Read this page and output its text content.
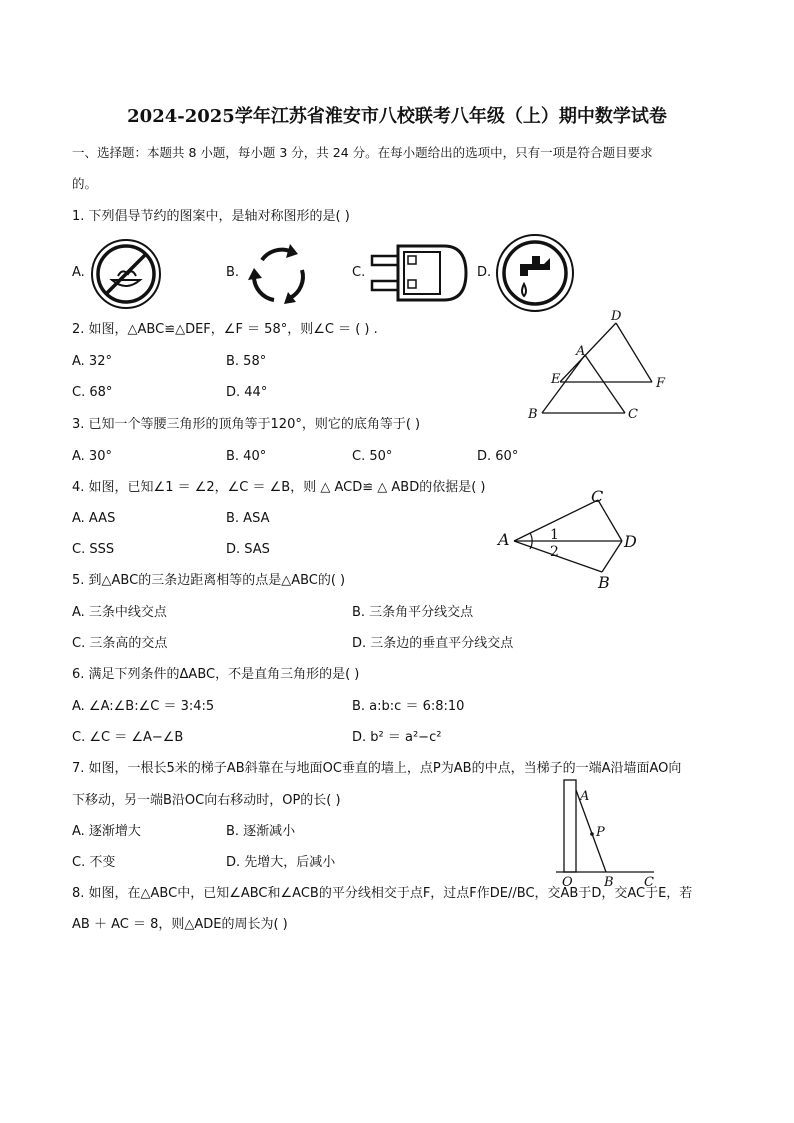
2024-2025学年江苏省淮安市八校联考八年级（上）期中数学试卷
一、选择题：本题共 8 小题，每小题 3 分，共 24 分。在每小题给出的选项中，只有一项是符合题目要求
的。
1. 下列倡导节约的图案中，是轴对称图形的是( )
A.	B.	C.	D.
2. 如图，△ABC≌△DEF，∠F ＝ 58°，则∠C ＝ ( ) .
A. 32°	B. 58°
C. 68°	D. 44°
D
A
E	F
B	C
3. 已知一个等腰三角形的顶角等于120°，则它的底角等于( )
A. 30°	B. 40°	C. 50°	D. 60°
4. 如图，已知∠1 ＝ ∠2，∠C ＝ ∠B，则 △ ACD≌ △ ABD的依据是( )
A. AAS	B. ASA
C. SSS	D. SAS
C
A	1
2
D
B
5. 到△ABC的三条边距离相等的点是△ABC的( )
A. 三条中线交点	B. 三条角平分线交点
C. 三条高的交点	D. 三条边的垂直平分线交点
6. 满足下列条件的ΔABC，不是直角三角形的是( )
A. ∠A:∠B:∠C ＝ 3:4:5	B. a:b:c ＝ 6:8:10
C. ∠C ＝ ∠A−∠B	D. b² ＝ a²−c²
7. 如图，一根长5米的梯子AB斜靠在与地面OC垂直的墙上，点P为AB的中点，当梯子的一端A沿墙面AO向
下移动，另一端B沿OC向右移动时，OP的长( )
A. 逐渐增大	B. 逐渐减小
C. 不变	D. 先增大，后减小
A
P
O B C
8. 如图，在△ABC中，已知∠ABC和∠ACB的平分线相交于点F，过点F作DE//BC，交AB于D，交AC于E，若
AB ＋ AC ＝ 8，则△ADE的周长为( )
